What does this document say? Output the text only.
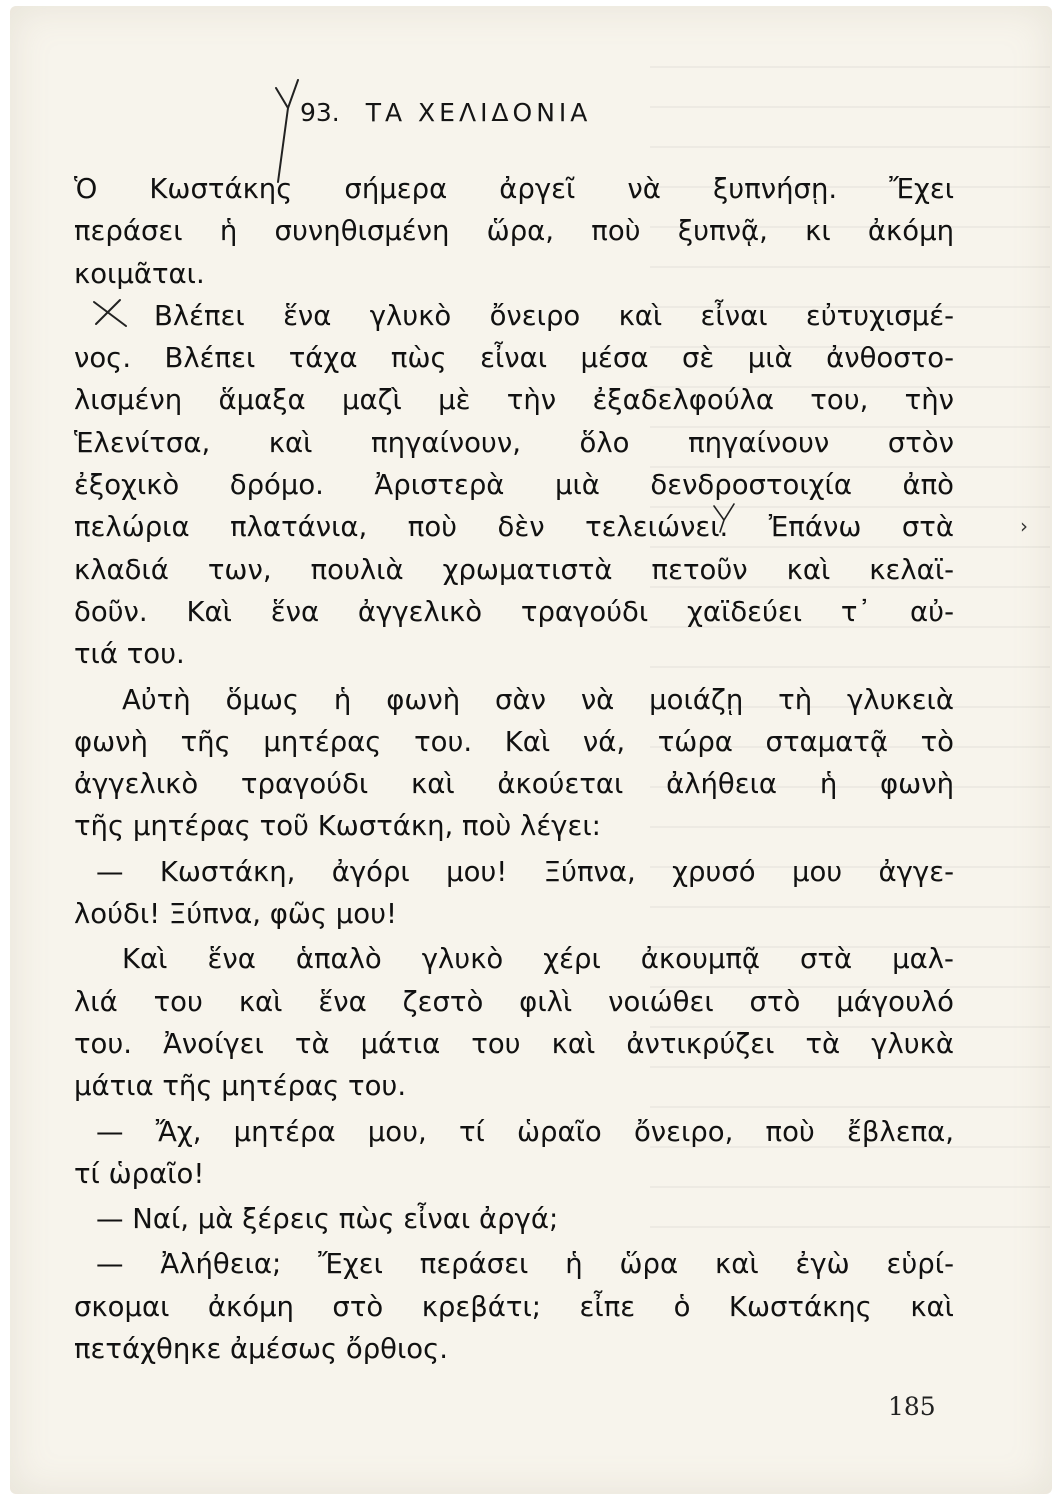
93. ΤΑ ΧΕΛΙΔΟΝΙΑ
Ὁ Κωστάκης σήμερα ἀργεῖ νὰ ξυπνήσῃ. Ἔχει
περάσει ἡ συνηθισμένη ὥρα, ποὺ ξυπνᾷ, κι ἀκόμη
κοιμᾶται.
Βλέπει ἕνα γλυκὸ ὄνειρο καὶ εἶναι εὐτυχισμέ-
νος. Βλέπει τάχα πὼς εἶναι μέσα σὲ μιὰ ἀνθοστο-
λισμένη ἅμαξα μαζὶ μὲ τὴν ἐξαδελφούλα του, τὴν
Ἑλενίτσα, καὶ πηγαίνουν, ὅλο πηγαίνουν στὸν
ἐξοχικὸ δρόμο. Ἀριστερὰ μιὰ δενδροστοιχία ἀπὸ
πελώρια πλατάνια, ποὺ δὲν τελειώνει. Ἐπάνω στὰ
κλαδιά των, πουλιὰ χρωματιστὰ πετοῦν καὶ κελαϊ-
δοῦν. Καὶ ἕνα ἀγγελικὸ τραγούδι χαϊδεύει τ᾽ αὐ-
τιά του.
Αὐτὴ ὅμως ἡ φωνὴ σὰν νὰ μοιάζῃ τὴ γλυκειὰ
φωνὴ τῆς μητέρας του. Καὶ νά, τώρα σταματᾷ τὸ
ἀγγελικὸ τραγούδι καὶ ἀκούεται ἀλήθεια ἡ φωνὴ
τῆς μητέρας τοῦ Κωστάκη, ποὺ λέγει:
— Κωστάκη, ἀγόρι μου! Ξύπνα, χρυσό μου ἀγγε-
λούδι! Ξύπνα, φῶς μου!
Καὶ ἕνα ἁπαλὸ γλυκὸ χέρι ἀκουμπᾷ στὰ μαλ-
λιά του καὶ ἕνα ζεστὸ φιλὶ νοιώθει στὸ μάγουλό
του. Ἀνοίγει τὰ μάτια του καὶ ἀντικρύζει τὰ γλυκὰ
μάτια τῆς μητέρας του.
— Ἄχ, μητέρα μου, τί ὡραῖο ὄνειρο, ποὺ ἔβλεπα,
τί ὡραῖο!
— Ναί, μὰ ξέρεις πὼς εἶναι ἀργά;
— Ἀλήθεια; Ἔχει περάσει ἡ ὥρα καὶ ἐγὼ εὑρί-
σκομαι ἀκόμη στὸ κρεβάτι; εἶπε ὁ Κωστάκης καὶ
πετάχθηκε ἀμέσως ὄρθιος.
›
185
